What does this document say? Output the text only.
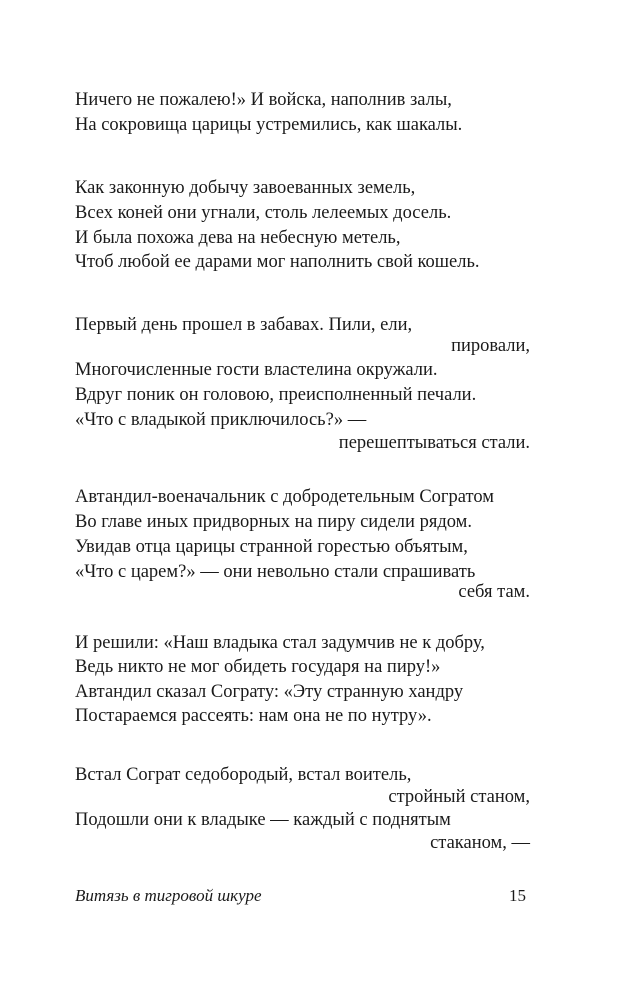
Ничего не пожалею!» И войска, наполнив залы,
На сокровища царицы устремились, как шакалы.
Как законную добычу завоеванных земель,
Всех коней они угнали, столь лелеемых досель.
И была похожа дева на небесную метель,
Чтоб любой ее дарами мог наполнить свой кошель.
Первый день прошел в забавах. Пили, ели,
пировали,
Многочисленные гости властелина окружали.
Вдруг поник он головою, преисполненный печали.
«Что с владыкой приключилось?» —
перешептываться стали.
Автандил-военачальник с добродетельным Согратом
Во главе иных придворных на пиру сидели рядом.
Увидав отца царицы странной горестью объятым,
«Что с царем?» — они невольно стали спрашивать
себя там.
И решили: «Наш владыка стал задумчив не к добру,
Ведь никто не мог обидеть государя на пиру!»
Автандил сказал Сограту: «Эту странную хандру
Постараемся рассеять: нам она не по нутру».
Встал Сограт седобородый, встал воитель,
стройный станом,
Подошли они к владыке — каждый с поднятым
стаканом, —
Витязь в тигровой шкуре	15
